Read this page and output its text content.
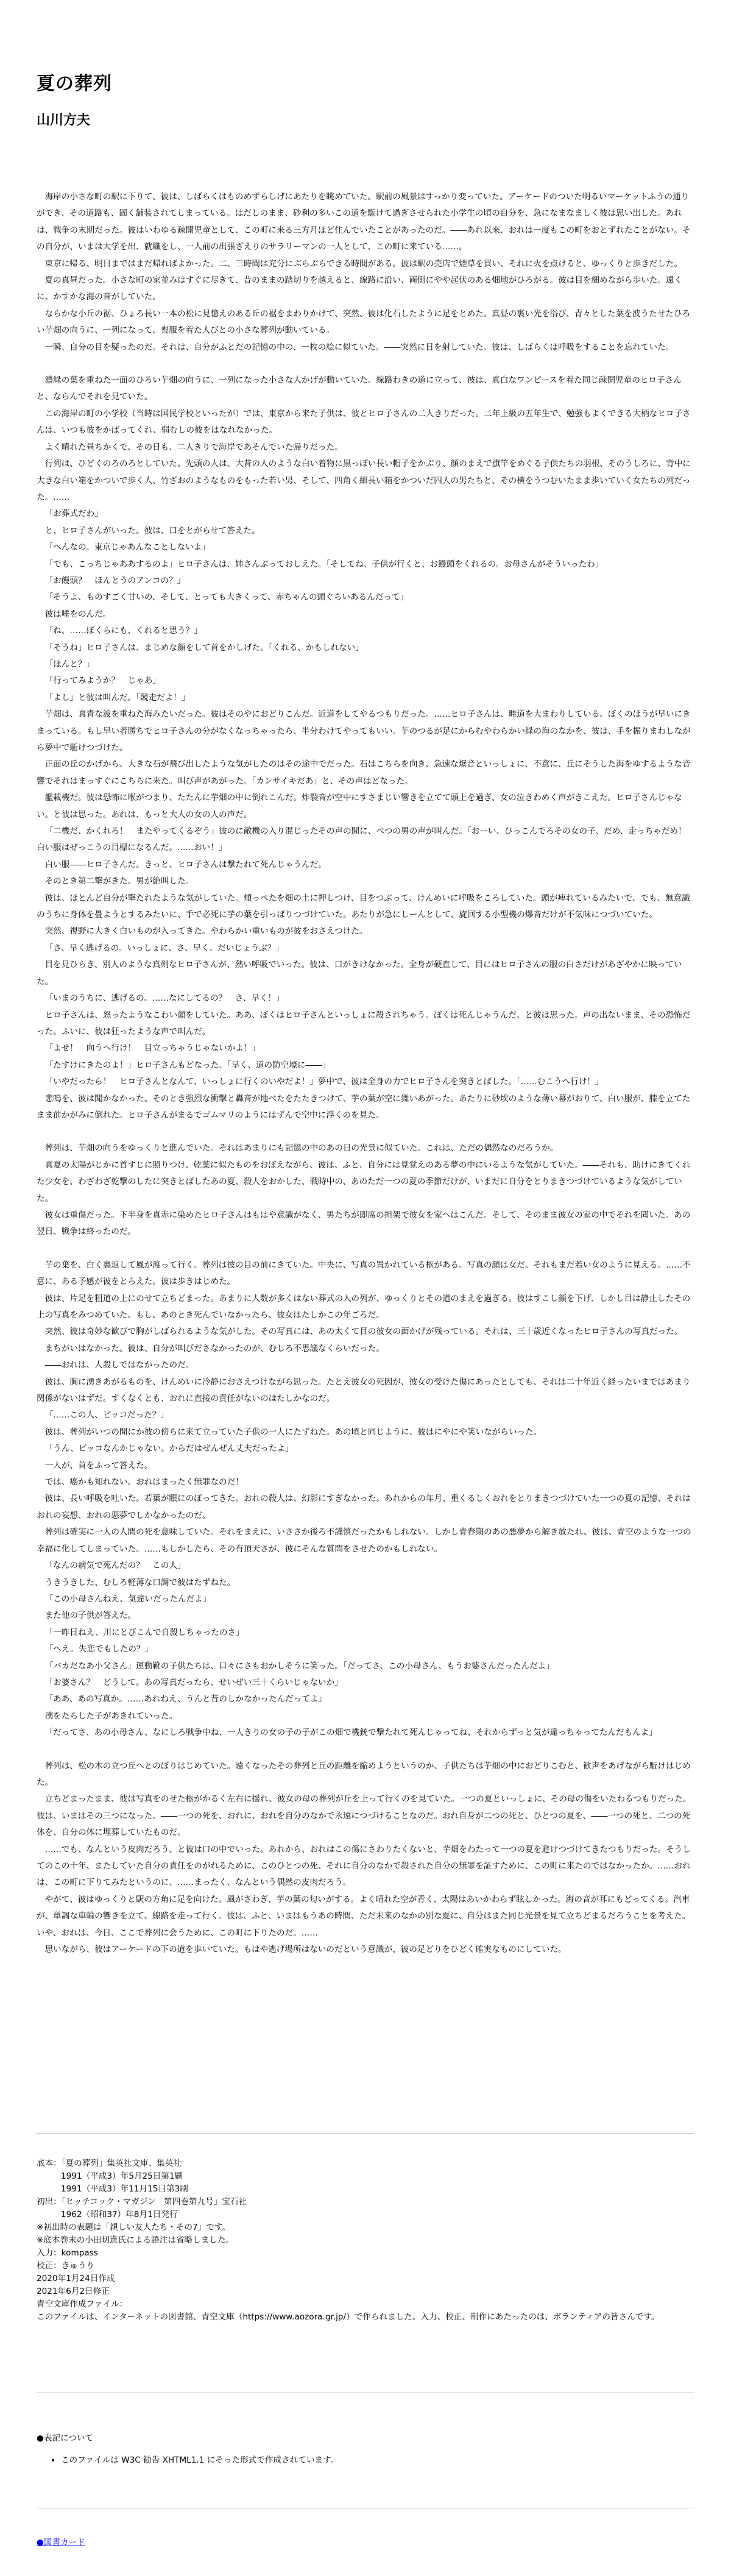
夏の葬列
山川方夫

海岸の小さな町の駅に下りて、彼は、しばらくはものめずらしげにあたりを眺めていた。駅前の風景はすっかり変っていた。アーケードのついた明るいマーケットふうの通りができ、その道路も、固く舗装されてしまっている。はだしのまま、砂利の多いこの道を駈けて過ぎさせられた小学生の頃の自分を、急になまなましく彼は思い出した。あれは、戦争の末期だった。彼はいわゆる疎開児童として、この町に来る三方月ほど住んでいたことがあったのだ。――あれ以来、おれは一度もこの町をおとずれたことがない。その自分が、いまは大学を出、就職をし、一人前の出張ざえりのサラリーマンの一人として、この町に来ている……。

東京に帰る、明日まではまだ帰ればよかった。二、三時間は充分にぶらぶらできる時間がある。彼は駅の売店で煙草を買い、それに火を点けると、ゆっくりと歩きだした。

夏の真昼だった。小さな町の家並みはすぐに尽きて、昔のままの踏切りを越えると、線路に沿い、両側にやや起伏のある畑地がひろがる。彼は目を細めながら歩いた。遠くに、かすかな海の音がしていた。

ならかな小丘の裾、ひょろ長い一本の松に見憶えのある丘の裾をまわりかけて、突然、彼は化石したように足をとめた。真昼の裏い光を浴び、青々とした葉を波うたせたひろい芋畑の向うに、一列になって、喪服を着た人びとの小さな葬列が動いている。

一瞬、自分の目を疑ったのだ。それは、自分がふとだの記憶の中の、一枚の絵に似ていた。――突然に日を射していた。彼は、しばらくは呼吸をすることを忘れていた。

濃緑の葉を重ねた一面のひろい芋畑の向うに、一列になった小さな人かげが動いていた。線路わきの道に立って、彼は、真白なワンピースを着た同じ疎開児童のヒロ子さんと、ならんでそれを見ていた。

この海岸の町の小学校（当時は国民学校といったが）では、東京から来た子供は、彼とヒロ子さんの二人きりだった。二年上級の五年生で、勉強もよくできる大柄なヒロ子さんは、いつも彼をかばってくれ、弱むしの彼をはなれなかった。

よく晴れた昼ちかくで、その日も、二人きりで海岸であそんでいた帰りだった。

行列は、ひどくのろのろとしていた。先頭の人は、大昔の人のような白い着物に黒っぽい長い帽子をかぶり、顔のまえで旗竿をめぐる子供たちの羽根、そのうしろに、背中に大きな白い箱をかついで歩く人、竹ざおのようなものをもった若い男、そして、四角く細長い箱をかついだ四人の男たちと、その横をうつむいたまま歩いていく女たちの列だった。……

「お葬式だわ」

と、ヒロ子さんがいった。彼は、口をとがらせて答えた。

「へんなの。東京じゃあんなことしないよ」

「でも、こっちじゃああするのよ」ヒロ子さんは、姉さんぶっておしえた。「そしてね、子供が行くと、お饅頭をくれるの。お母さんがそういったわ」

「お饅頭？　ほんとうのアンコの？」

「そうよ、ものすごく甘いの、そして、とっても大きくって、赤ちゃんの頭ぐらいあるんだって」

彼は唾をのんだ。

「ね、……ぼくらにも、くれると思う？」

「そうね」ヒロ子さんは、まじめな顔をして首をかしげた。「くれる、かもしれない」

「ほんと？」

「行ってみようか？　じゃあ」

「よし」と彼は叫んだ。「競走だよ！」

芋畑は、真青な波を重ねた海みたいだった。彼はそのやにおどりこんだ。近道をしてやるつもりだった。……ヒロ子さんは、畦道を大まわりしている。ぼくのほうが早いにきまっている。もし早い者勝ちでヒロ子さんの分がなくなっちゃったら、半分わけてやってもいい。芋のつるが足にからむやわらかい緑の海のなかを、彼は、手を振りまわしながら夢中で駈けつづけた。

正面の丘のかげから、大きな石が飛び出したような気がしたのはその途中でだった。石はこちらを向き、急速な爆音といっしょに、不意に、丘にそうした海をゆするような音響でそれはまっすぐにこちらに来た。叫び声があがった。「カンサイキだあ」と、その声はどなった。

艦載機だ。彼は恐怖に喉がつまり、たたんに芋畑の中に倒れこんだ。炸裂音が空中にすさまじい響きを立てて頭上を過ぎ、女の泣きわめく声がきこえた。ヒロ子さんじゃない。と彼は思った。あれは、もっと大人の女の人の声だ。

「二機だ、かくれろ！　またやってくるぞう」彼のに敵機の入り混じったその声の間に、べつの男の声が叫んだ。「おーい、ひっこんでろその女の子、だめ、走っちゃだめ！　白い服はぜっこうの目標になるんだ。……おい！」

白い服――ヒロ子さんだ。きっと、ヒロ子さんは撃たれて死んじゃうんだ。

そのとき第二撃がきた。男が絶叫した。

彼は、ほとんど自分が撃たれたような気がしていた。頬っぺたを畑の土に押しつけ、目をつぶって、けんめいに呼吸をころしていた。頭が痺れているみたいで、でも、無意識のうちに身体を畳ようとするみたいに、手で必死に芋の葉を引っぱりつづけていた。あたりが急にしーんとして、旋回する小型機の爆音だけが不気味につづいていた。

突然、視野に大きく白いものが入ってきた。やわらかい重いものが彼をおさえつけた。

「さ、早く逃げるの。いっしょに、さ、早く。だいじょうぶ？」

目を見ひらき、別人のような真剣なヒロ子さんが、熱い呼吸でいった。彼は、口がきけなかった。全身が硬直して、目にはヒロ子さんの服の白さだけがあざやかに映っていた。

「いまのうちに、逃げるの。……なにしてるの？　さ、早く！」

ヒロ子さんは、怒ったようなこわい顔をしていた。ああ、ぼくはヒロ子さんといっしょに殺されちゃう。ぼくは死んじゃうんだ、と彼は思った。声の出ないまま、その恐怖だった。ふいに、彼は狂ったような声で叫んだ。

「よせ！　向うへ行け！　目立っちゃうじゃないかよ！」

「たすけにきたのよ！」ヒロ子さんもどなった。「早く、道の防空壕に――」

「いやだったら！　ヒロ子さんとなんて、いっしょに行くのいやだよ！」夢中で、彼は全身の力でヒロ子さんを突きとばした。「……むこうへ行け！」

悲鳴を、彼は聞かなかった。そのとき強烈な衝撃と轟音が地べたをたたきつけて、芋の葉が空に舞いあがった。あたりに砂埃のような薄い幕がおりて、白い服が、膝を立てたまま前かがみに倒れた。ヒロ子さんがまるでゴムマリのようにはずんで空中に浮くのを見た。

葬列は、芋畑の向うをゆっくりと進んでいた。それはあまりにも記憶の中のあの日の光景に似ていた。これは、ただの偶然なのだろうか。

真夏の太陽がじかに首すじに照りつけ、乾葉に似たものをおぼえながら、彼は、ふと、自分には見覚えのある夢の中にいるような気がしていた。――それも、助けにきてくれた少女を、わざわざ乾撃のしたに突きとばしたあの夏、殺人をおかした、戦時中の、あのただ一つの夏の季節だけが、いまだに自分をとりまきつづけているような気がしていた。

彼女は重傷だった。下半身を真赤に染めたヒロ子さんはもはや意識がなく、男たちが即席の担架で彼女を家へはこんだ。そして、そのまま彼女の家の中でそれを聞いた。あの翌日、戦争は終ったのだ。

芋の葉を、白く裏返して風が渡って行く。葬列は彼の目の前にきていた。中央に、写真の置かれている柩がある。写真の顔は女だ。それもまだ若い女のように見える。……不意に、ある予感が彼をとらえた。彼は歩きはじめた。

彼は、片足を粗道の上にのせて立ちどまった。あまりに人数が多くはない葬式の人の列が、ゆっくりとその道のまえを過ぎる。彼はすこし顔を下げ、しかし目は静止したその上の写真をみつめていた。もし、あのとき死んでいなかったら、彼女はたしかこの年ごろだ。

突然、彼は奇妙な歓びで胸がしばられるような気がした。その写真には、あの太くて目の彼女の面かげが残っている。それは、三十歳近くなったヒロ子さんの写真だった。

まちがいはなかった。彼は、自分が叫びださなかったのが、むしろ不思議なくらいだった。

――おれは、人殺しではなかったのだ。

彼は、胸に湧きあがるものを、けんめいに冷静におさえつけながら思った。たとえ彼女の死因が、彼女の受けた傷にあったとしても、それは二十年近く経ったいまではあまり関係がないはずだ。すくなくとも、おれに直接の責任がないのはたしかなのだ。

「……この人、ピッコだった？」

彼は、葬列がいつの間にか彼の傍らに来て立っていた子供の一人にたずねた。あの頃と同じように、彼はにやにや笑いながらいった。

「うん、ピッコなんかじゃない。からだはぜんぜん丈夫だったよ」

一人が、首をふって答えた。

では、癌かも知れない。おれはまったく無罪なのだ！

彼は、長い呼吸を吐いた。若葉が眼にのぼってきた。おれの殺人は、幻影にすぎなかった。あれからの年月、重くるしくおれをとりまきつづけていた一つの夏の記憶、それはおれの妄想、おれの悪夢でしかなかったのだ。

葬列は確実に一人の人間の死を意味していた。それをまえに、いささか後ろ不謹慎だったかもしれない。しかし青春期のあの悪夢から解き放たれ、彼は、青空のような一つの幸福に化してしまっていた。……もしかしたら、その有頂天さが、彼にそんな質問をさせたのかもしれない。

「なんの病気で死んだの？　この人」

うきうきした、むしろ軽薄な口調で彼はたずねた。

「この小母さんねえ、気違いだったんだよ」

また他の子供が答えた。

「一昨日ねえ、川にとびこんで自殺しちゃったのさ」

「へえ。失恋でもしたの？」

「バカだなあ小父さん」運動靴の子供たちは、口々にさもおかしそうに笑った。「だってさ、この小母さん、もうお婆さんだったんだよ」

「お婆さん？　どうして。あの写真だったら、せいぜい三十くらいじゃないか」

「ああ、あの写真か。……あれねえ、うんと昔のしかなかったんだってよ」

洟をたらした子があきれていった。

「だってさ、あの小母さん、なにしろ戦争中ね、一人きりの女の子の子がこの畑で機銃で撃たれて死んじゃってね、それからずっと気が違っちゃってたんだもんよ」

葬列は、松の木の立つ丘へとのぼりはじめていた。遠くなったその葬列と丘の距離を縮めようというのか、子供たちは芋畑の中におどりこむと、歓声をあげながら駈けはじめた。

立ちどまったまま、彼は写真をのせた柩がかるく左右に揺れ、彼女の母の葬列が丘を上って行くのを見ていた。一つの夏といっしょに、その母の傷をいたわるつもりだった。彼は、いまはその三つになった。――一つの死を、おれに、おれを自分のなかで永遠につづけることなのだ。おれ自身が二つの死と、ひとつの夏を、――一つの死と、二つの死体を、自分の体に埋葬していたものだ。

……でも、なんという皮肉だろう、と彼は口の中でいった。あれから、おれはこの傷にさわりたくないと、芋畑をわたって一つの夏を避けつづけてきたつもりだった。そうしてのこの十年、またしていた自分の責任をのがれるために、このひとつの死、それに自分のなかで殺された自分の無罪を証すために、この町に来たのではなかったか。……おれは、この町に下りてみたというのに、……まったく、なんという偶然の皮肉だろう。

やがて、彼はゆっくりと駅の方角に足を向けた。風がさわぎ、芋の葉の匂いがする。よく晴れた空が青く、太陽はあいかわらず眩しかった。海の音が耳にもどってくる。汽車が、単調な車輪の響きを立て、線路を走って行く。彼は、ふと、いまはもうあの時間、ただ未来のなかの別な夏に、自分はまた同じ光景を見て立ちどまるだろうことを考えた。いや、おれは、今日、ここで葬列に会うために、この町に下りたのだ。……

思いながら、彼はアーケードの下の道を歩いていた。もはや逃げ場所はないのだという意識が、彼の足どりをひどく確実なものにしていた。

底本：「夏の葬列」集英社文庫、集英社
1991（平成3）年5月25日第1刷
1991（平成3）年11月15日第3刷
初出：「ヒッチコック・マガジン　第四巻第九号」宝石社
1962（昭和37）年8月1日発行
※初出時の表題は「親しい友人たち・その7」です。
※底本巻末の小田切進氏による語注は省略しました。
入力：kompass
校正：きゅうり
2020年1月24日作成
2021年6月2日修正
青空文庫作成ファイル：
このファイルは、インターネットの図書館、青空文庫（https://www.aozora.gr.jp/）で作られました。入力、校正、制作にあたったのは、ボランティアの皆さんです。
●表記について
• このファイルは W3C 勧告 XHTML1.1 にそった形式で作成されています。
●図書カード
